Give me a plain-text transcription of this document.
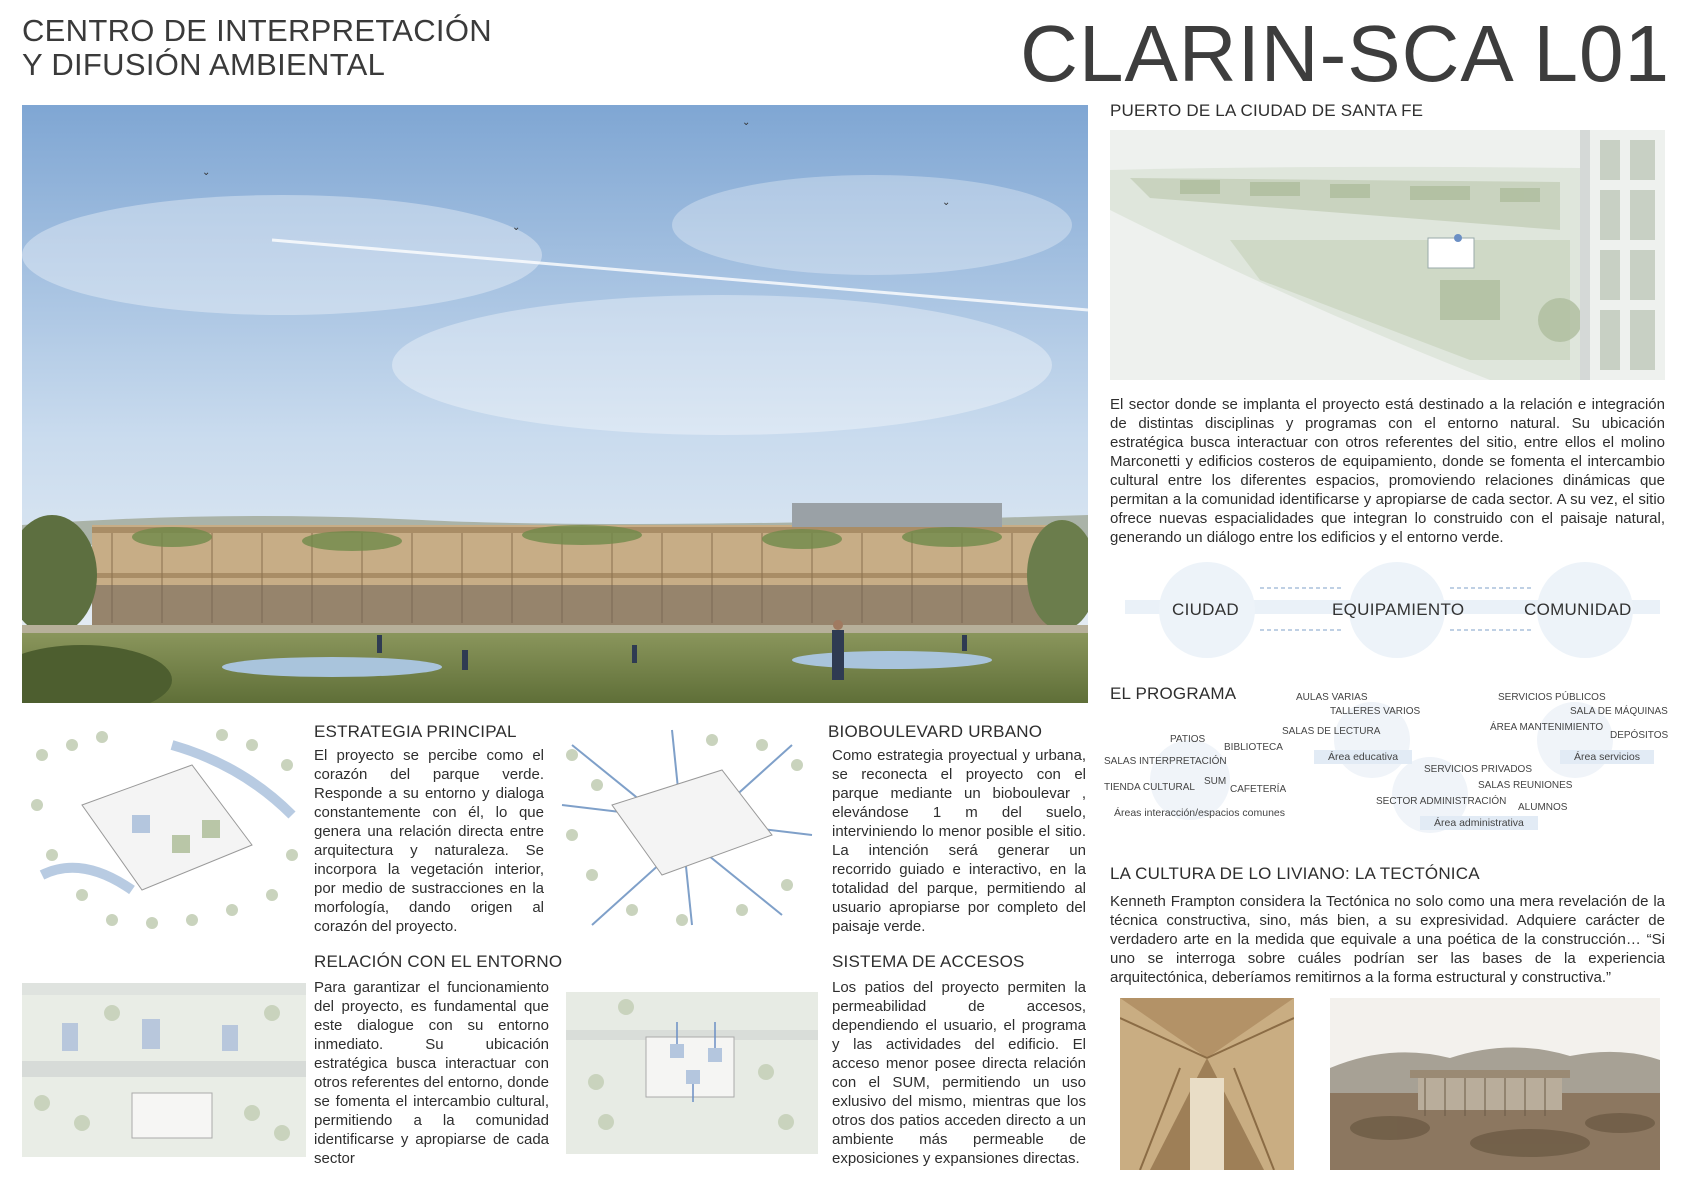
CENTRO DE INTERPRETACIÓN
Y DIFUSIÓN AMBIENTAL	CLARIN-SCA L01
⌄
⌄
⌄
⌄
PUERTO DE LA CIUDAD DE SANTA FE
El sector donde se implanta el proyecto está destinado a la relación e integración de distintas disciplinas y programas con el entorno natural. Su ubicación estratégica busca interactuar con otros referentes del sitio, entre ellos el molino Marconetti y edificios costeros de equipamiento, donde se fomenta el intercambio cultural entre los diferentes espacios, promoviendo relaciones dinámicas que permitan a la comunidad identificarse y apropiarse de cada sector. A su vez, el sitio ofrece nuevas espacialidades que integran lo construido con el paisaje natural, generando un diálogo entre los edificios y el entorno verde.
CIUDAD	EQUIPAMIENTO	COMUNIDAD
EL PROGRAMA	AULAS VARIAS
TALLERES VARIOS
SALAS DE LECTURA
PATIOS
BIBLIOTECA
SALAS INTERPRETACIÓN
SUM
TIENDA CULTURAL	CAFETERÍA
Área educativa
Áreas interacción/espacios comunes
SERVICIOS PÚBLICOS
SALA DE MÁQUINAS
ÁREA MANTENIMIENTO
DEPÓSITOS
Área servicios
SERVICIOS PRIVADOS
SALAS REUNIONES
SECTOR ADMINISTRACIÓN
ALUMNOS
Área administrativa
LA CULTURA DE LO LIVIANO: LA TECTÓNICA
Kenneth Frampton considera la Tectónica no solo como una mera revelación de la técnica constructiva, sino, más bien, a su expresividad. Adquiere carácter de verdadero arte en la medida que equivale a una poética de la construcción… “Si uno se interroga sobre cuáles podrían ser las bases de la experiencia arquitectónica, deberíamos remitirnos a la forma estructural y constructiva.”
ESTRATEGIA PRINCIPAL
El proyecto se percibe como el corazón del parque verde. Responde a su entorno y dialoga constantemente con él, lo que genera una relación directa entre arquitectura y naturaleza. Se incorpora la vegetación interior, por medio de sustracciones en la morfología, dando origen al corazón del proyecto.
BIOBOULEVARD URBANO
Como estrategia proyectual y urbana, se reconecta el proyecto con el parque mediante un bioboulevar , elevándose 1 m del suelo, interviniendo lo menor posible el sitio. La intención será generar un recorrido guiado e interactivo, en la totalidad del parque, permitiendo al usuario apropiarse por completo del paisaje verde.
RELACIÓN CON EL ENTORNO
Para garantizar el funcionamiento del proyecto, es fundamental que este dialogue con su entorno inmediato. Su ubicación estratégica busca interactuar con otros referentes del entorno, donde se fomenta el intercambio cultural, permitiendo a la comunidad identificarse y apropiarse de cada sector
SISTEMA DE ACCESOS
Los patios del proyecto permiten la permeabilidad de accesos, dependiendo el usuario, el programa y las actividades del edificio. El acceso menor posee directa relación con el SUM, permitiendo un uso exlusivo del mismo, mientras que los otros dos patios acceden directo a un ambiente más permeable de exposiciones y expansiones directas.
